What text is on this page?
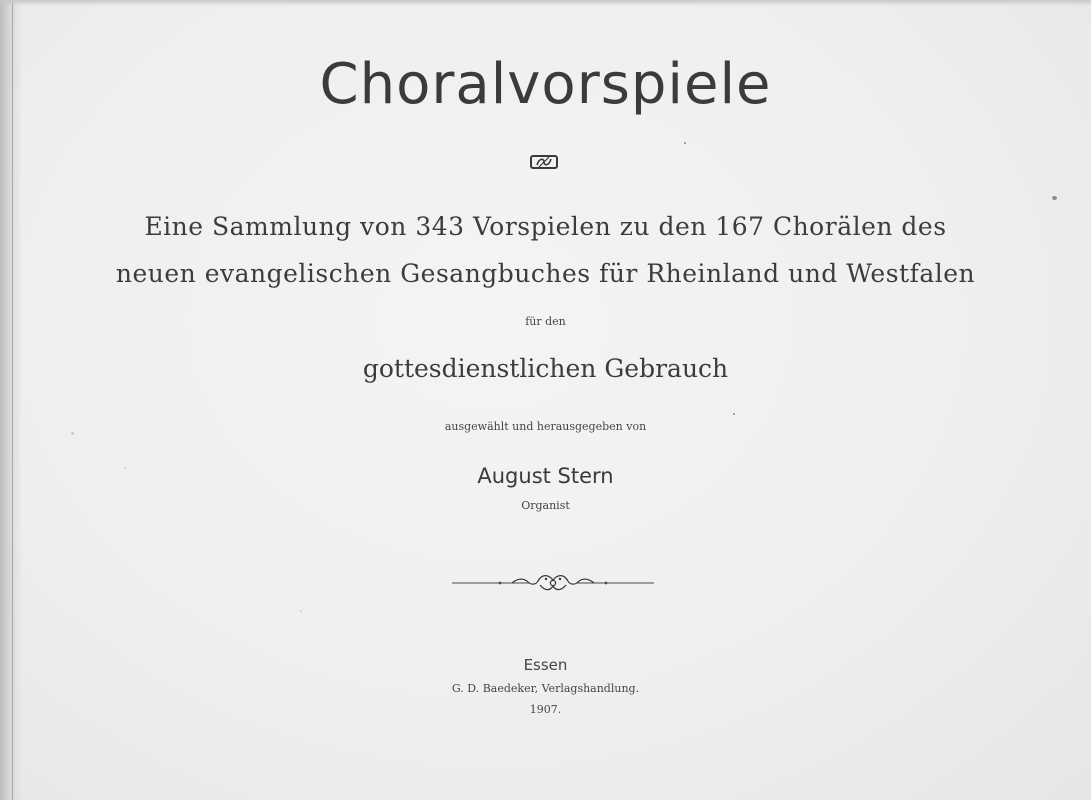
Choralvorspiele
Eine Sammlung von 343 Vorspielen zu den 167 Chorälen des
neuen evangelischen Gesangbuches für Rheinland und Westfalen
für den
gottesdienstlichen Gebrauch
ausgewählt und herausgegeben von
August Stern
Organist
Essen
G. D. Baedeker, Verlagshandlung.
1907.
